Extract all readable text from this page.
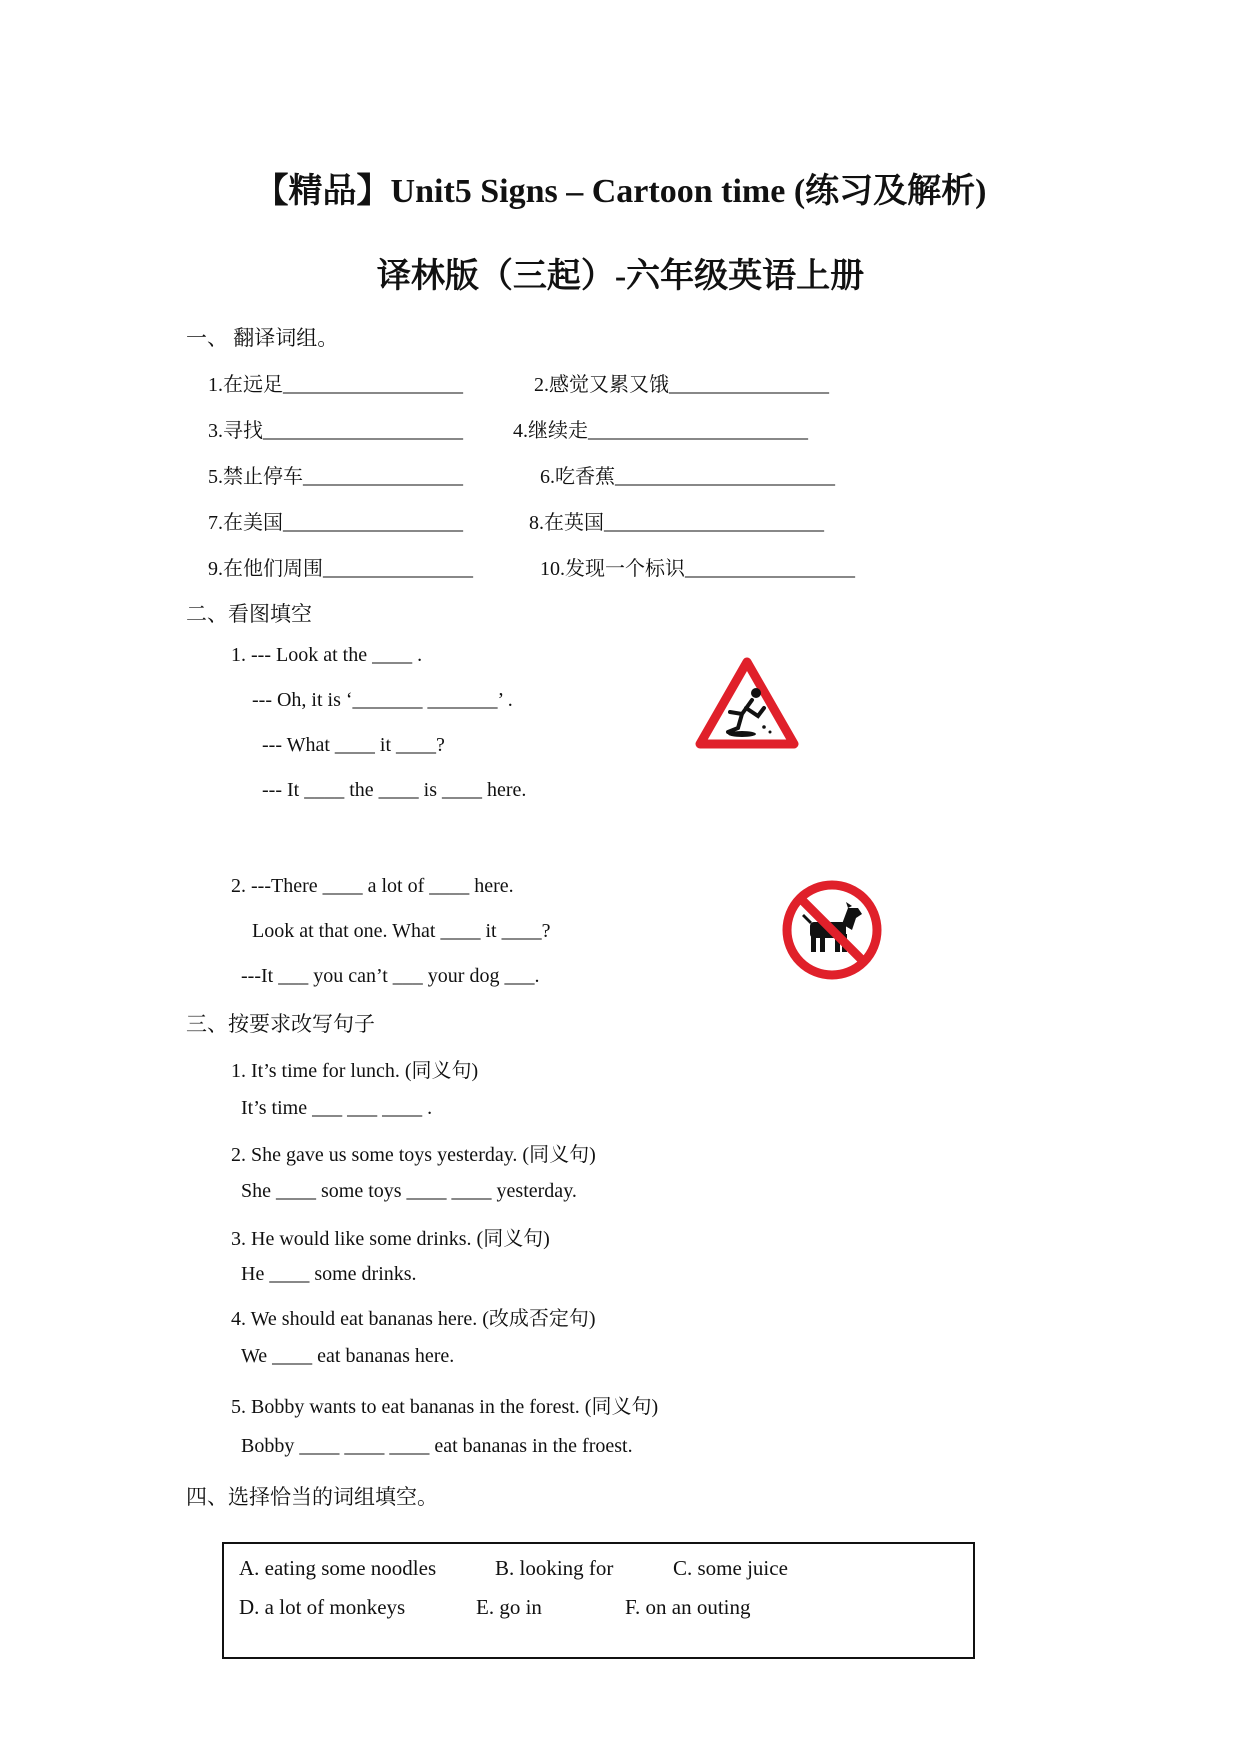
【精品】Unit5 Signs – Cartoon time (练习及解析)
译林版（三起）-六年级英语上册
一、 翻译词组。
1.在远足__________________	2.感觉又累又饿________________
3.寻找____________________	4.继续走______________________
5.禁止停车________________	6.吃香蕉______________________
7.在美国__________________	8.在英国______________________
9.在他们周围_______________	10.发现一个标识_________________
二、看图填空
1. --- Look at the ____ .
--- Oh, it is ‘_______ _______’ .
--- What ____ it ____?
--- It ____ the ____ is ____ here.
2. ---There ____ a lot of ____ here.
Look at that one. What ____ it ____?
---It ___ you can’t ___ your dog ___.
三、按要求改写句子
1. It’s time for lunch. (同义句)
It’s time ___ ___ ____ .
2. She gave us some toys yesterday. (同义句)
She ____ some toys ____ ____ yesterday.
3. He would like some drinks. (同义句)
He ____ some drinks.
4. We should eat bananas here. (改成否定句)
We ____ eat bananas here.
5. Bobby wants to eat bananas in the forest. (同义句)
Bobby ____ ____ ____ eat bananas in the froest.
四、选择恰当的词组填空。
A. eating some noodles	B. looking for	C. some juice
D. a lot of monkeys	E. go in	F. on an outing
